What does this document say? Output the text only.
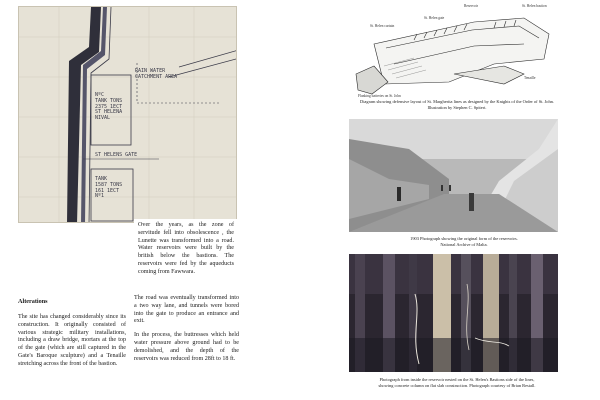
RAIN WATER
CATCHMENT AREA
NºC
TANK TONS
2375 1ECT
ST HELENA
NIVAL
ST HELENS GATE
TANK
1587 TONS
161 1ECT
Nº1
Over the years, as the zone of servitude fell into obsolescence , the Lunette was transformed into a road. Water reservoirs were built by the british below the bastions. The reservoirs were fed by the aqueducts coming from Fawwara.
Alterations
The site has changed considerably since its construction. It originally consisted of various strategic military installations, including a draw bridge, mortars at the top of the gate (which are still captured in the Gate's Baroque sculpture) and a Tenaille stretching across the front of the bastion.

The road was eventually transformed into a two way lane, and tunnels were bored into the gate to produce an entrance and exit.

In the process, the buttresses which held water pressure above ground had to be demolished, and the depth of the reservoirs was reduced from 28ft to 18 ft.

Reservoir	St. Helen bastion
St. Helen curtain
St. Helen gate
Tenaille
Flanking batteries on St. John
Diagram showing defensive layout of St. Margherita lines as designed by the Knights of the Order of St. John. Illustration by Stephen C. Spiteri.
1903 Photograph showing the original form of the reservoirs.
National Archive of Malta.
Photograph from inside the reservoir nested on the St. Helen's Bastions side of the lines,
showing concrete column on flat slab construction. Photograph courtesy of Brian Restall.
